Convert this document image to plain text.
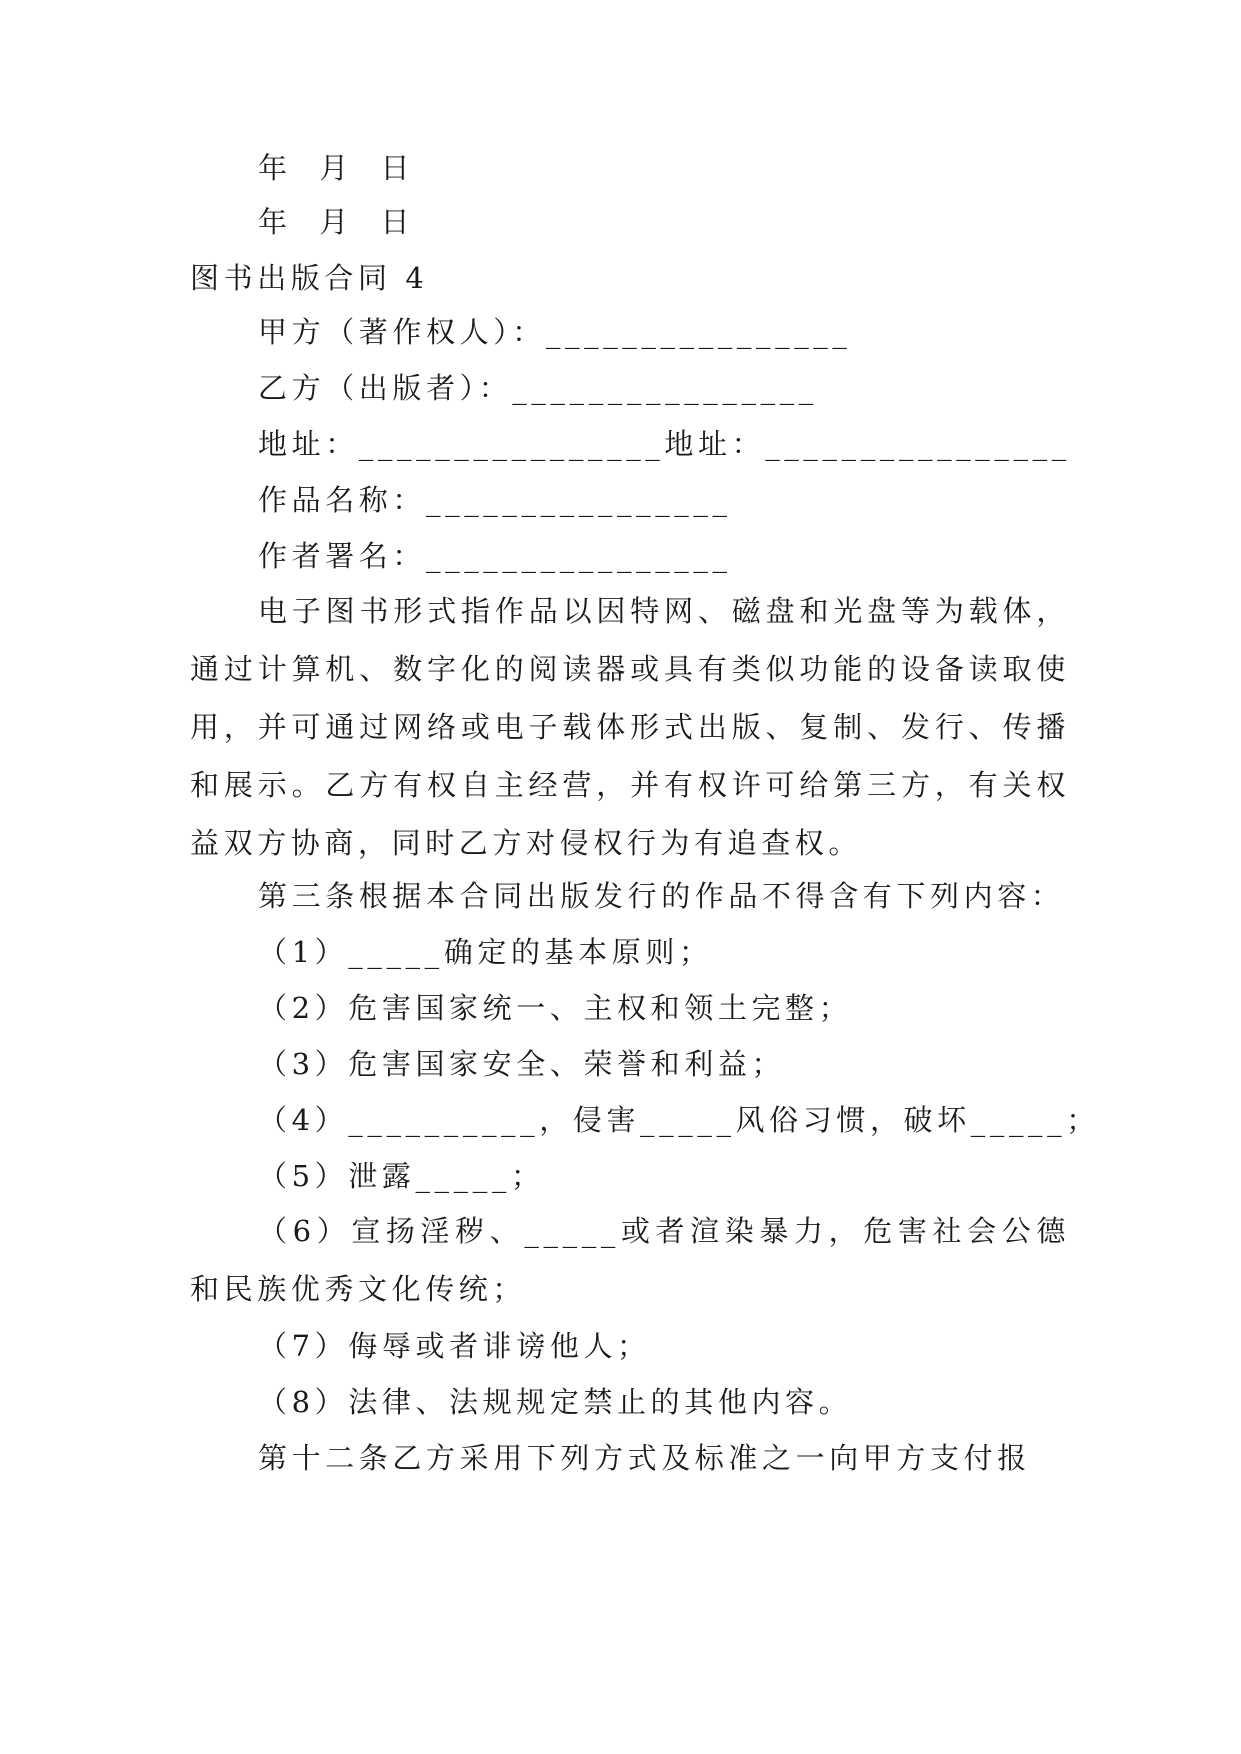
年  月  日
年  月  日
图书出版合同 4
甲方（著作权人）：________________
乙方（出版者）：________________
地址：________________地址：________________
作品名称：________________
作者署名：________________
电子图书形式指作品以因特网、磁盘和光盘等为载体，通过计算机、数字化的阅读器或具有类似功能的设备读取使用，并可通过网络或电子载体形式出版、复制、发行、传播和展示。乙方有权自主经营，并有权许可给第三方，有关权益双方协商，同时乙方对侵权行为有追查权。
第三条根据本合同出版发行的作品不得含有下列内容：
（1）_____确定的基本原则；
（2）危害国家统一、主权和领土完整；
（3）危害国家安全、荣誉和利益；
（4）__________，侵害_____风俗习惯，破坏_____；
（5）泄露_____；
（6）宣扬淫秽、_____或者渲染暴力，危害社会公德和民族优秀文化传统；
（7）侮辱或者诽谤他人；
（8）法律、法规规定禁止的其他内容。
第十二条乙方采用下列方式及标准之一向甲方支付报
